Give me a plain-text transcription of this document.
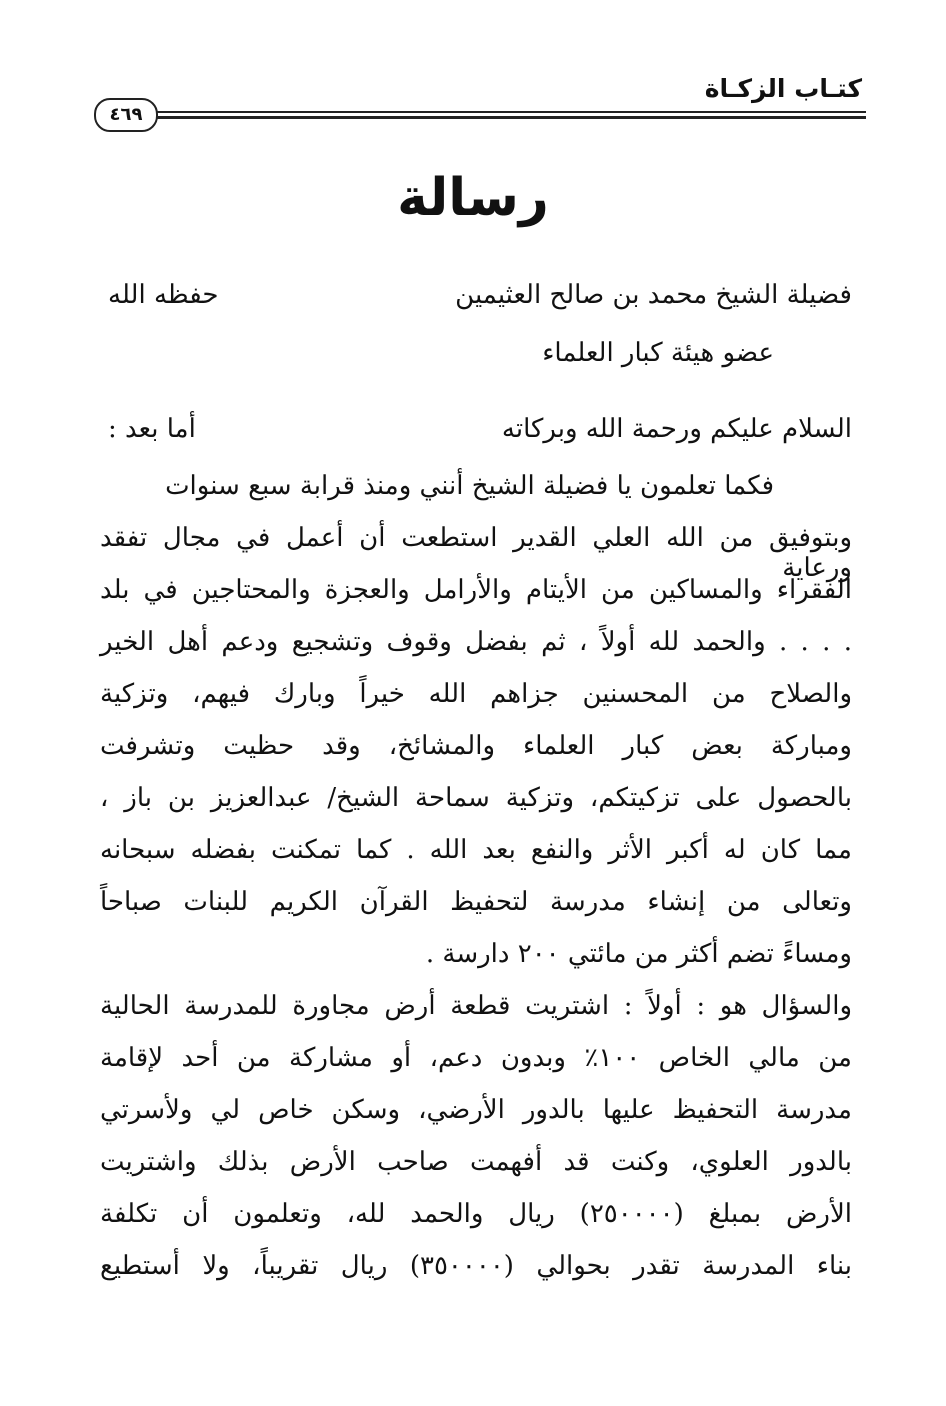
كتـاب الزكـاة
٤٦٩
رسالة
فضيلة الشيخ محمد بن صالح العثيمين
حفظه الله
عضو هيئة كبار العلماء
السلام عليكم ورحمة الله وبركاته
أما بعد :
فكما تعلمون يا فضيلة الشيخ أنني ومنذ قرابة سبع سنوات
وبتوفيق من الله العلي القدير استطعت أن أعمل في مجال تفقد ورعاية
الفقراء والمساكين من الأيتام والأرامل والعجزة والمحتاجين في بلد
. . . . والحمد لله أولاً ، ثم بفضل وقوف وتشجيع ودعم أهل الخير
والصلاح من المحسنين جزاهم الله خيراً وبارك فيهم، وتزكية
ومباركة بعض كبار العلماء والمشائخ، وقد حظيت وتشرفت
بالحصول على تزكيتكم، وتزكية سماحة الشيخ/ عبدالعزيز بن باز ،
مما كان له أكبر الأثر والنفع بعد الله . كما تمكنت بفضله سبحانه
وتعالى من إنشاء مدرسة لتحفيظ القرآن الكريم للبنات صباحاً
ومساءً تضم أكثر من مائتي ٢٠٠ دارسة .
والسؤال هو : أولاً : اشتريت قطعة أرض مجاورة للمدرسة الحالية
من مالي الخاص ١٠٠٪ وبدون دعم، أو مشاركة من أحد لإقامة
مدرسة التحفيظ عليها بالدور الأرضي، وسكن خاص لي ولأسرتي
بالدور العلوي، وكنت قد أفهمت صاحب الأرض بذلك واشتريت
الأرض بمبلغ (٢٥٠٠٠٠) ريال والحمد لله، وتعلمون أن تكلفة
بناء المدرسة تقدر بحوالي (٣٥٠٠٠٠) ريال تقريباً، ولا أستطيع
